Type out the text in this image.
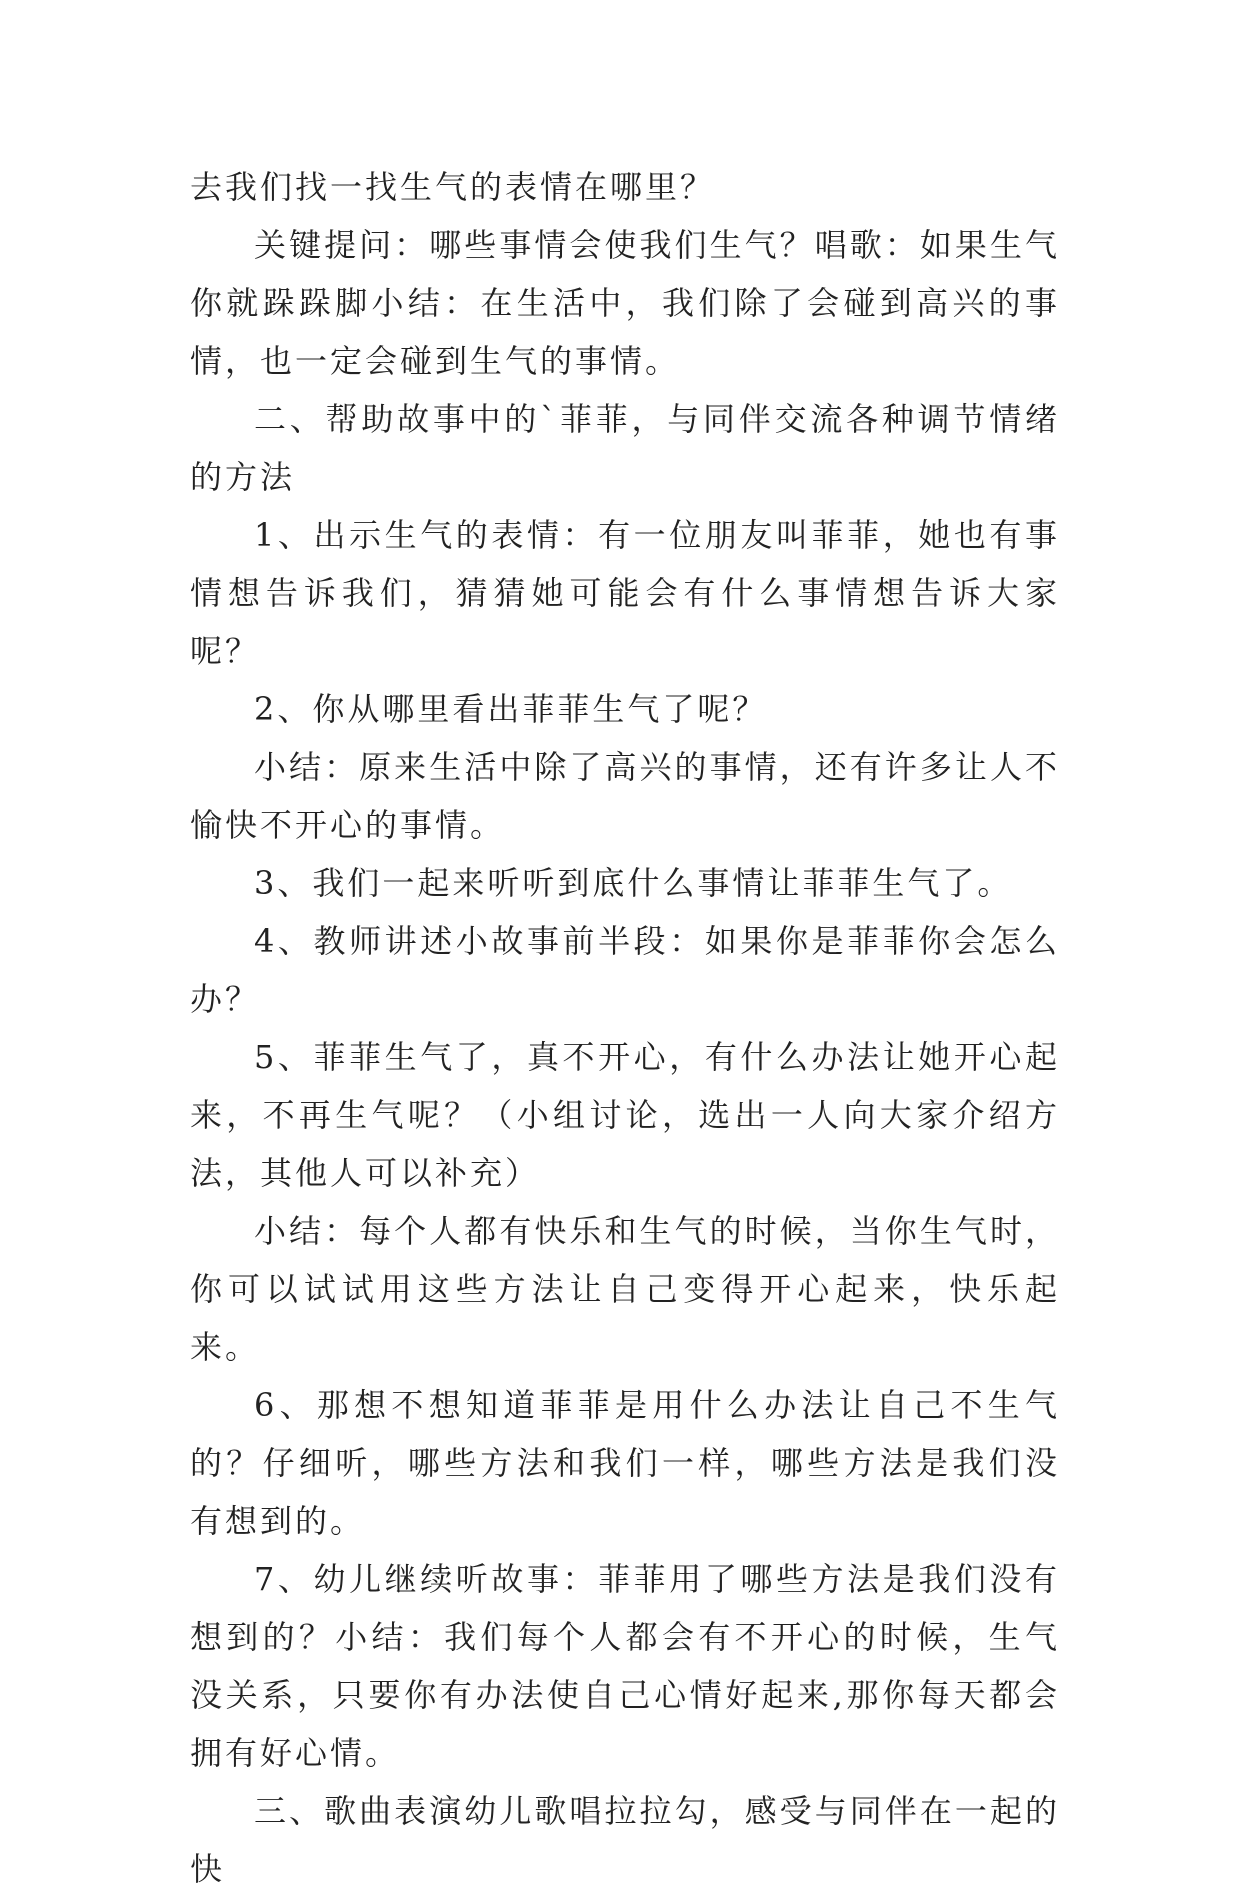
去我们找一找生气的表情在哪里？

关键提问：哪些事情会使我们生气？唱歌：如果生气你就跺跺脚小结：在生活中，我们除了会碰到高兴的事情，也一定会碰到生气的事情。

二、帮助故事中的`菲菲，与同伴交流各种调节情绪的方法

1、出示生气的表情：有一位朋友叫菲菲，她也有事情想告诉我们，猜猜她可能会有什么事情想告诉大家呢？

2、你从哪里看出菲菲生气了呢？

小结：原来生活中除了高兴的事情，还有许多让人不愉快不开心的事情。

3、我们一起来听听到底什么事情让菲菲生气了。

4、教师讲述小故事前半段：如果你是菲菲你会怎么办？

5、菲菲生气了，真不开心，有什么办法让她开心起来，不再生气呢？（小组讨论，选出一人向大家介绍方法，其他人可以补充）

小结：每个人都有快乐和生气的时候，当你生气时，你可以试试用这些方法让自己变得开心起来，快乐起来。

6、那想不想知道菲菲是用什么办法让自己不生气的？仔细听，哪些方法和我们一样，哪些方法是我们没有想到的。

7、幼儿继续听故事：菲菲用了哪些方法是我们没有想到的？小结：我们每个人都会有不开心的时候，生气没关系，只要你有办法使自己心情好起来,那你每天都会拥有好心情。

三、歌曲表演幼儿歌唱拉拉勾，感受与同伴在一起的快
